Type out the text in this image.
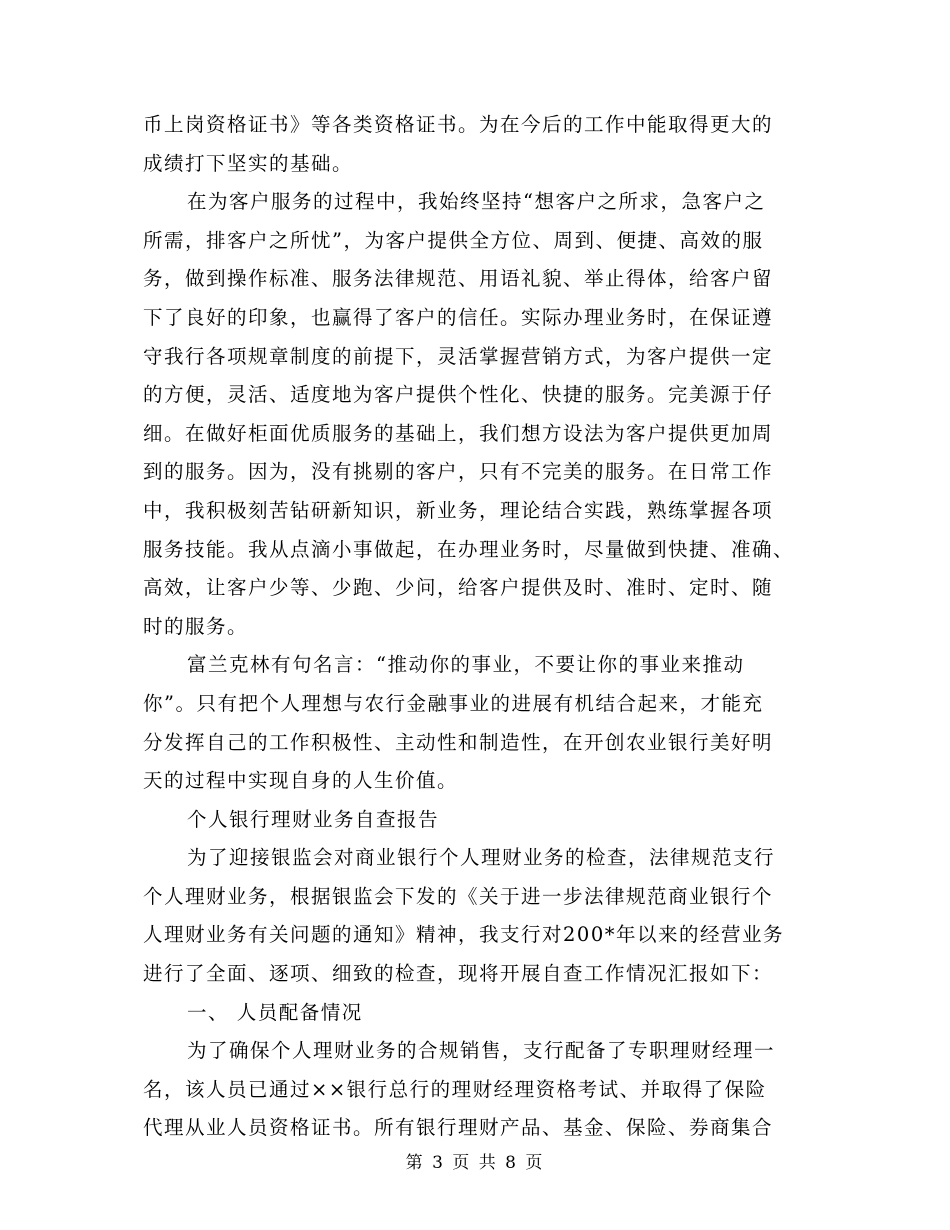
币上岗资格证书》等各类资格证书。为在今后的工作中能取得更大的
成绩打下坚实的基础。
在为客户服务的过程中，我始终坚持“想客户之所求，急客户之
所需，排客户之所忧”，为客户提供全方位、周到、便捷、高效的服
务，做到操作标准、服务法律规范、用语礼貌、举止得体，给客户留
下了良好的印象，也赢得了客户的信任。实际办理业务时，在保证遵
守我行各项规章制度的前提下，灵活掌握营销方式，为客户提供一定
的方便，灵活、适度地为客户提供个性化、快捷的服务。完美源于仔
细。在做好柜面优质服务的基础上，我们想方设法为客户提供更加周
到的服务。因为，没有挑剔的客户，只有不完美的服务。在日常工作
中，我积极刻苦钻研新知识，新业务，理论结合实践，熟练掌握各项
服务技能。我从点滴小事做起，在办理业务时，尽量做到快捷、准确、
高效，让客户少等、少跑、少问，给客户提供及时、准时、定时、随
时的服务。
富兰克林有句名言：“推动你的事业，不要让你的事业来推动
你”。只有把个人理想与农行金融事业的进展有机结合起来，才能充
分发挥自己的工作积极性、主动性和制造性，在开创农业银行美好明
天的过程中实现自身的人生价值。
个人银行理财业务自查报告
为了迎接银监会对商业银行个人理财业务的检查，法律规范支行
个人理财业务，根据银监会下发的《关于进一步法律规范商业银行个
人理财业务有关问题的通知》精神，我支行对200*年以来的经营业务
进行了全面、逐项、细致的检查，现将开展自查工作情况汇报如下：
一、 人员配备情况
为了确保个人理财业务的合规销售，支行配备了专职理财经理一
名，该人员已通过××银行总行的理财经理资格考试、并取得了保险
代理从业人员资格证书。所有银行理财产品、基金、保险、券商集合
第 3 页 共 8 页
